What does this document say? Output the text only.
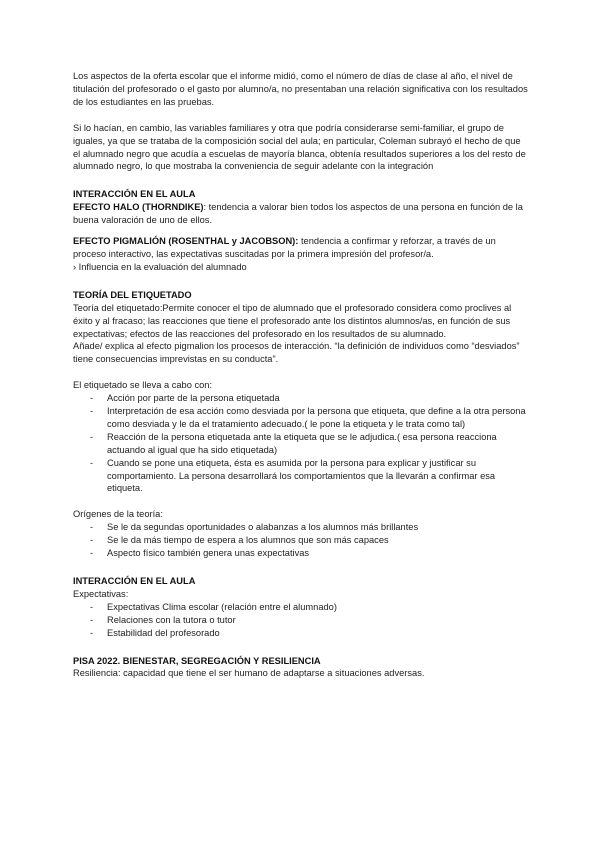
Los aspectos de la oferta escolar que el informe midió, como el número de días de clase al año, el nivel de titulación del profesorado o el gasto por alumno/a, no presentaban una relación significativa con los resultados de los estudiantes en las pruebas.

Si lo hacían, en cambio, las variables familiares y otra que podría considerarse semi-familiar, el grupo de iguales, ya que se trataba de la composición social del aula; en particular, Coleman subrayó el hecho de que el alumnado negro que acudía a escuelas de mayoría blanca, obtenía resultados superiores a los del resto de alumnado negro, lo que mostraba la conveniencia de seguir adelante con la integración

INTERACCIÓN EN EL AULA

EFECTO HALO (THORNDIKE): tendencia a valorar bien todos los aspectos de una persona en función de la buena valoración de uno de ellos.

EFECTO PIGMALIÓN (ROSENTHAL y JACOBSON): tendencia a confirmar y reforzar, a través de un proceso interactivo, las expectativas suscitadas por la primera impresión del profesor/a.

› Influencia en la evaluación del alumnado

TEORÍA DEL ETIQUETADO

Teoría del etiquetado:Permite conocer el tipo de alumnado que el profesorado considera como proclives al éxito y al fracaso; las reacciones que tiene el profesorado ante los distintos alumnos/as, en función de sus expectativas; efectos de las reacciones del profesorado en los resultados de su alumnado.

Añade/ explica al efecto pigmalion los procesos de interacción. “la definición de individuos como “desviados” tiene consecuencias imprevistas en su conducta”.

El etiquetado se lleva a cabo con:

- Acción por parte de la persona etiquetada
- Interpretación de esa acción como desviada por la persona que etiqueta, que define a la otra persona como desviada y le da el tratamiento adecuado.( le pone la etiqueta y le trata como tal)
- Reacción de la persona etiquetada ante la etiqueta que se le adjudica.( esa persona reacciona actuando al igual que ha sido etiquetada)
- Cuando se pone una etiqueta, ésta es asumida por la persona para explicar y justificar su comportamiento. La persona desarrollará los comportamientos que la llevarán a confirmar esa etiqueta.

Orígenes de la teoría:

- Se le da segundas oportunidades o alabanzas a los alumnos más brillantes
- Se le da más tiempo de espera a los alumnos que son más capaces
- Aspecto físico también genera unas expectativas
INTERACCIÓN EN EL AULA

Expectativas:

- Expectativas Clima escolar (relación entre el alumnado)
- Relaciones con la tutora o tutor
- Estabilidad del profesorado
PISA 2022. BIENESTAR, SEGREGACIÓN Y RESILIENCIA

Resiliencia: capacidad que tiene el ser humano de adaptarse a situaciones adversas.
